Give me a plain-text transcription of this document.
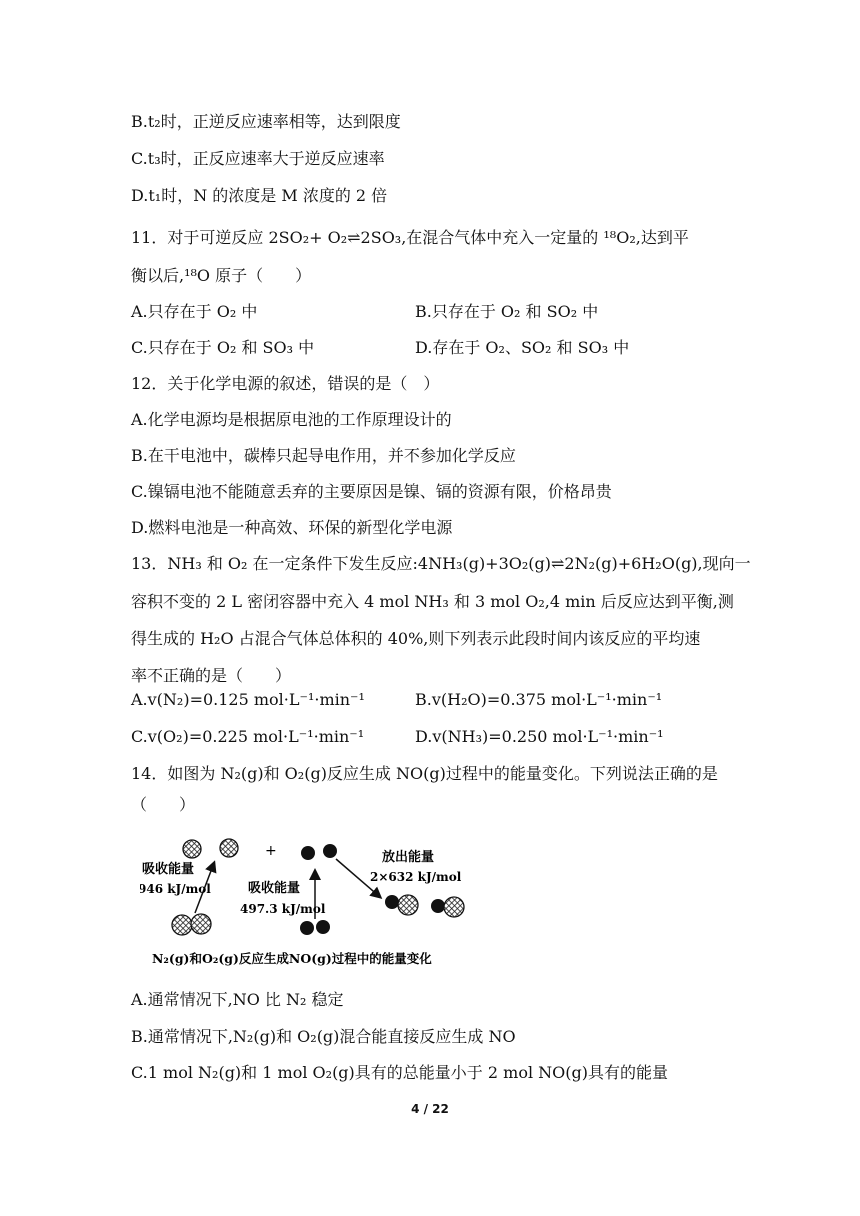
B.t₂时，正逆反应速率相等，达到限度
C.t₃时，正反应速率大于逆反应速率
D.t₁时，N 的浓度是 M 浓度的 2 倍
11．对于可逆反应 2SO₂+ O₂⇌2SO₃,在混合气体中充入一定量的 ¹⁸O₂,达到平
衡以后,¹⁸O 原子（　　）
A.只存在于 O₂ 中	B.只存在于 O₂ 和 SO₂ 中
C.只存在于 O₂ 和 SO₃ 中	D.存在于 O₂、SO₂ 和 SO₃ 中
12．关于化学电源的叙述，错误的是（　）
A.化学电源均是根据原电池的工作原理设计的
B.在干电池中，碳棒只起导电作用，并不参加化学反应
C.镍镉电池不能随意丢弃的主要原因是镍、镉的资源有限，价格昂贵
D.燃料电池是一种高效、环保的新型化学电源
13．NH₃ 和 O₂ 在一定条件下发生反应:4NH₃(g)+3O₂(g)⇌2N₂(g)+6H₂O(g),现向一
容积不变的 2 L 密闭容器中充入 4 mol NH₃ 和 3 mol O₂,4 min 后反应达到平衡,测
得生成的 H₂O 占混合气体总体积的 40%,则下列表示此段时间内该反应的平均速
率不正确的是（　　）
A.v(N₂)=0.125 mol·L⁻¹·min⁻¹	B.v(H₂O)=0.375 mol·L⁻¹·min⁻¹
C.v(O₂)=0.225 mol·L⁻¹·min⁻¹	D.v(NH₃)=0.250 mol·L⁻¹·min⁻¹
14．如图为 N₂(g)和 O₂(g)反应生成 NO(g)过程中的能量变化。下列说法正确的是
（　　）
+
吸收能量
946 kJ/mol	吸收能量
497.3 kJ/mol
放出能量
2×632 kJ/mol
N₂(g)和O₂(g)反应生成NO(g)过程中的能量变化
A.通常情况下,NO 比 N₂ 稳定
B.通常情况下,N₂(g)和 O₂(g)混合能直接反应生成 NO
C.1 mol N₂(g)和 1 mol O₂(g)具有的总能量小于 2 mol NO(g)具有的能量
4 / 22
